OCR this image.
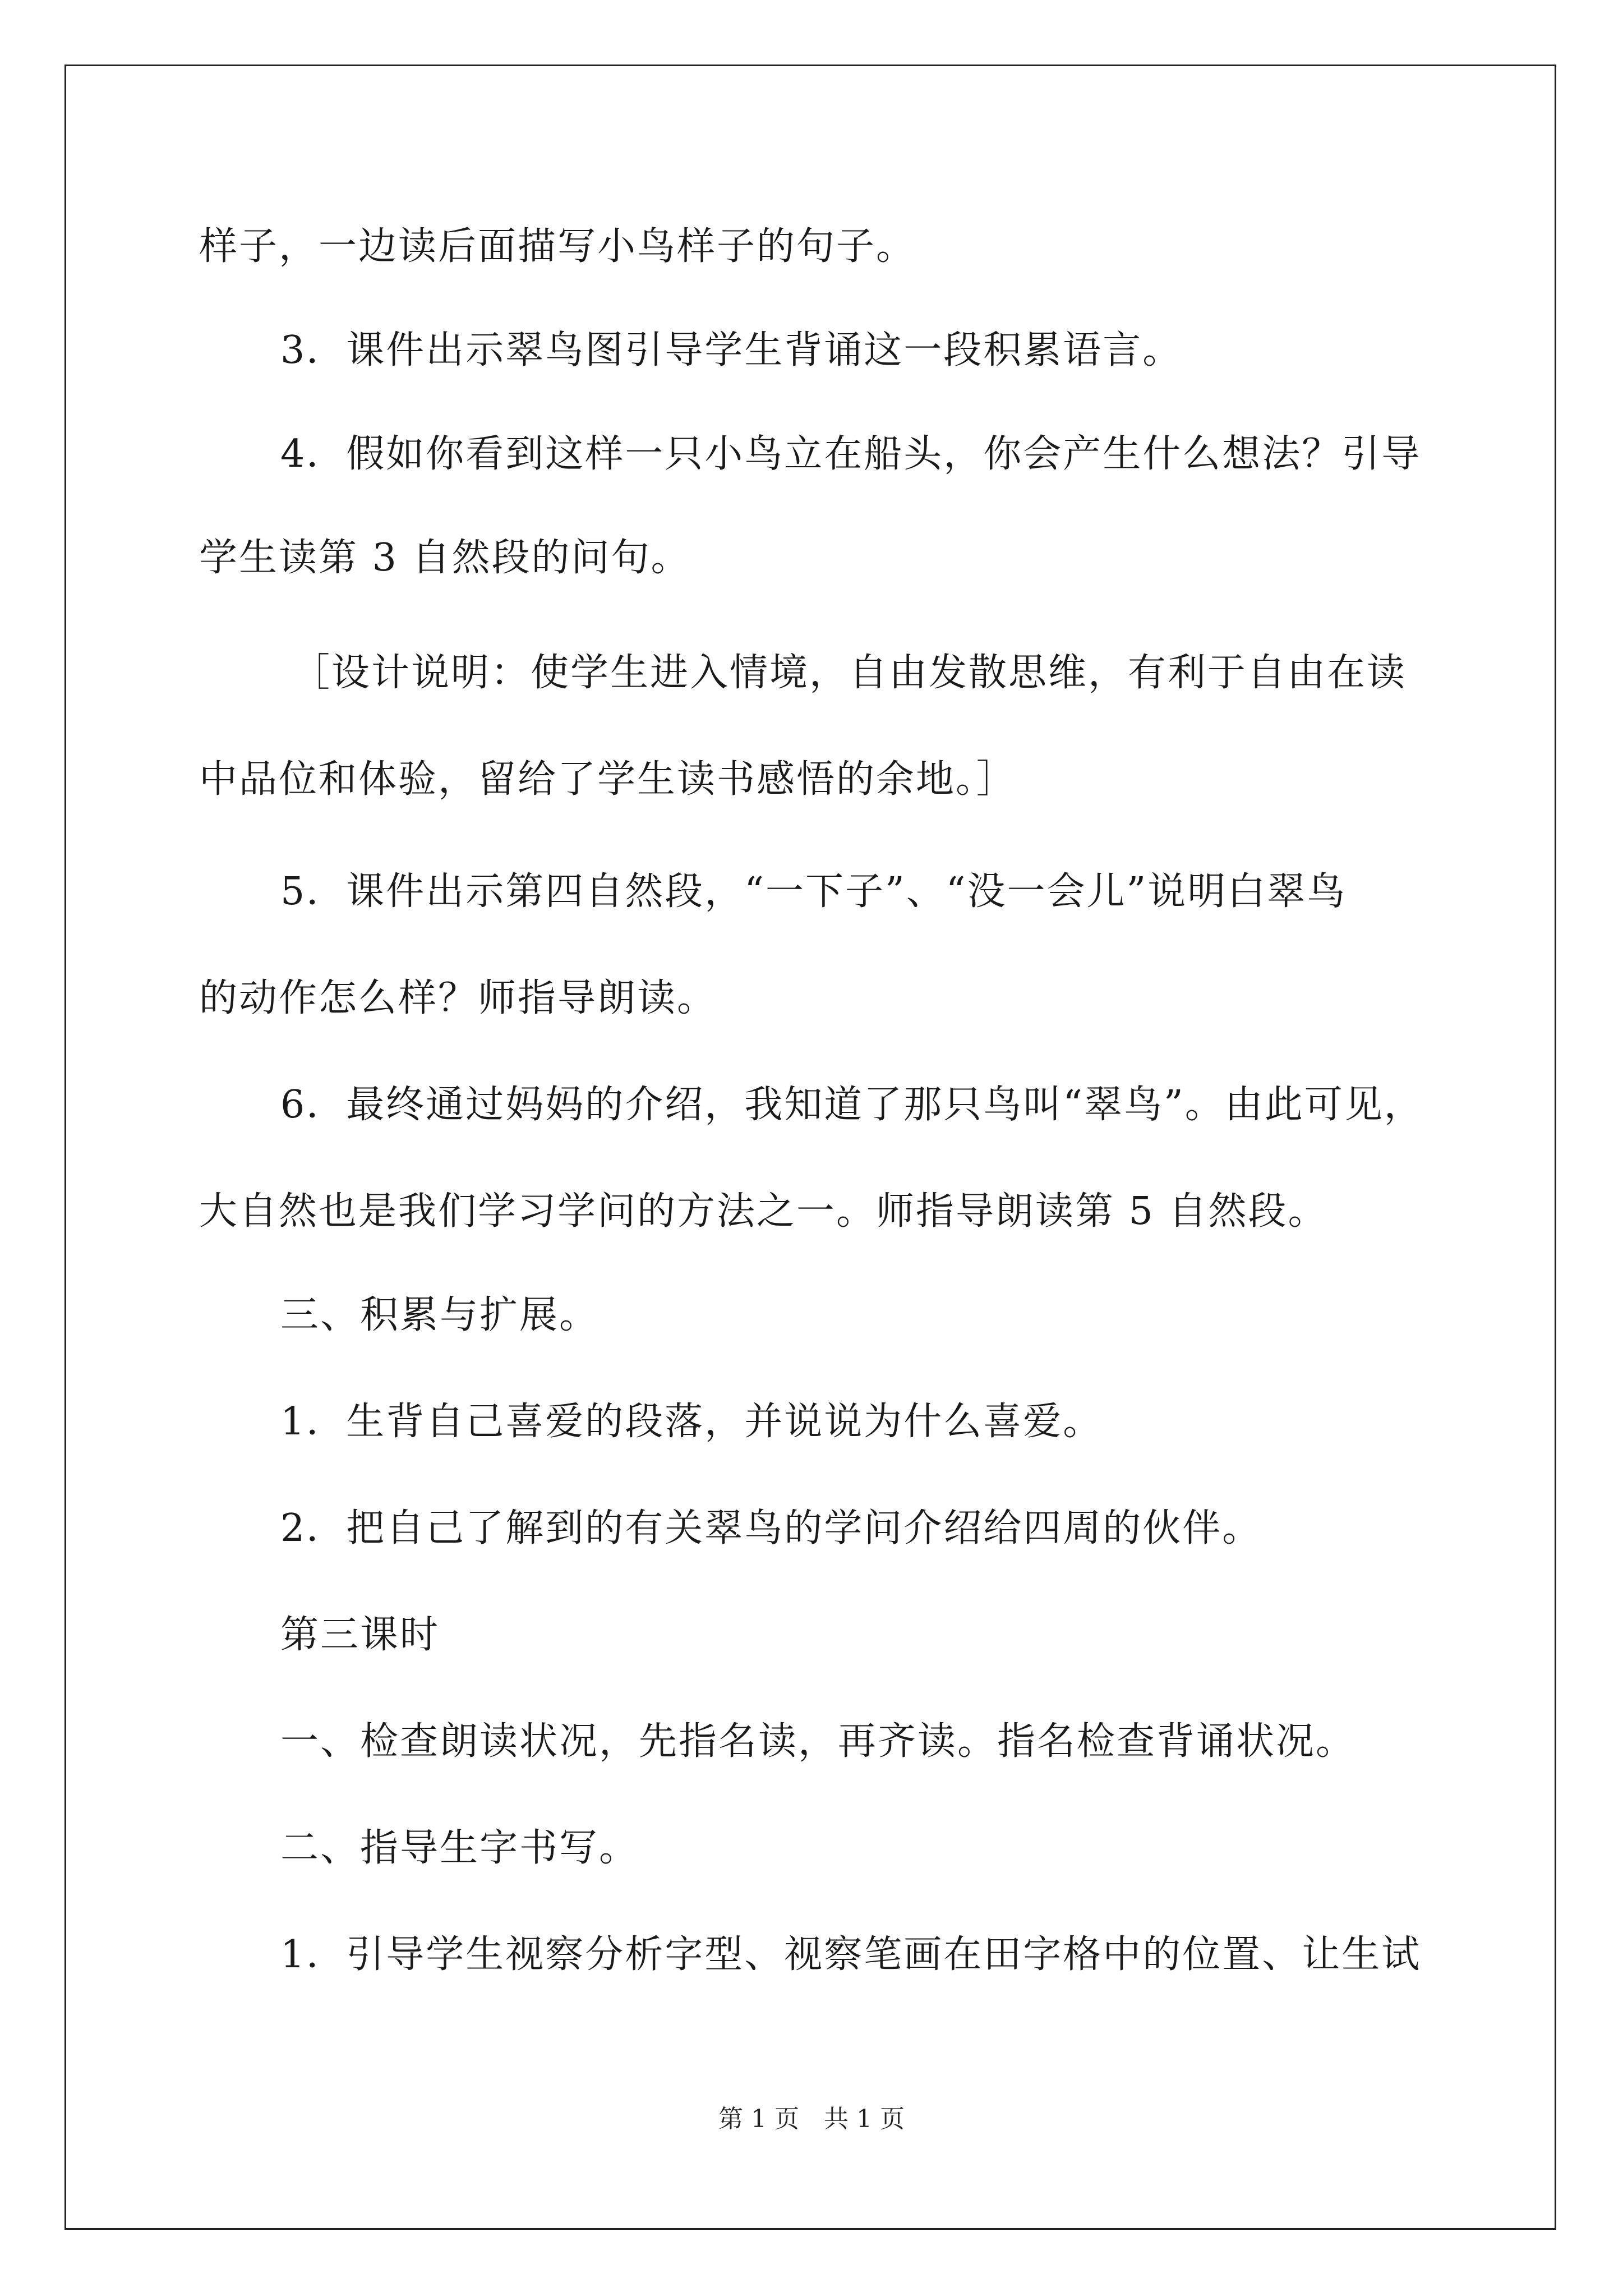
样子，一边读后面描写小鸟样子的句子。
3．课件出示翠鸟图引导学生背诵这一段积累语言。
4．假如你看到这样一只小鸟立在船头，你会产生什么想法？引导
学生读第 3 自然段的问句。
［设计说明：使学生进入情境，自由发散思维，有利于自由在读
中品位和体验，留给了学生读书感悟的余地。］
5．课件出示第四自然段，“一下子”、“没一会儿”说明白翠鸟
的动作怎么样？师指导朗读。
6．最终通过妈妈的介绍，我知道了那只鸟叫“翠鸟”。由此可见，
大自然也是我们学习学问的方法之一。师指导朗读第 5 自然段。
三、积累与扩展。
1．生背自己喜爱的段落，并说说为什么喜爱。
2．把自己了解到的有关翠鸟的学问介绍给四周的伙伴。
第三课时
一、检查朗读状况，先指名读，再齐读。指名检查背诵状况。
二、指导生字书写。
1．引导学生视察分析字型、视察笔画在田字格中的位置、让生试
第 1 页　共 1 页
